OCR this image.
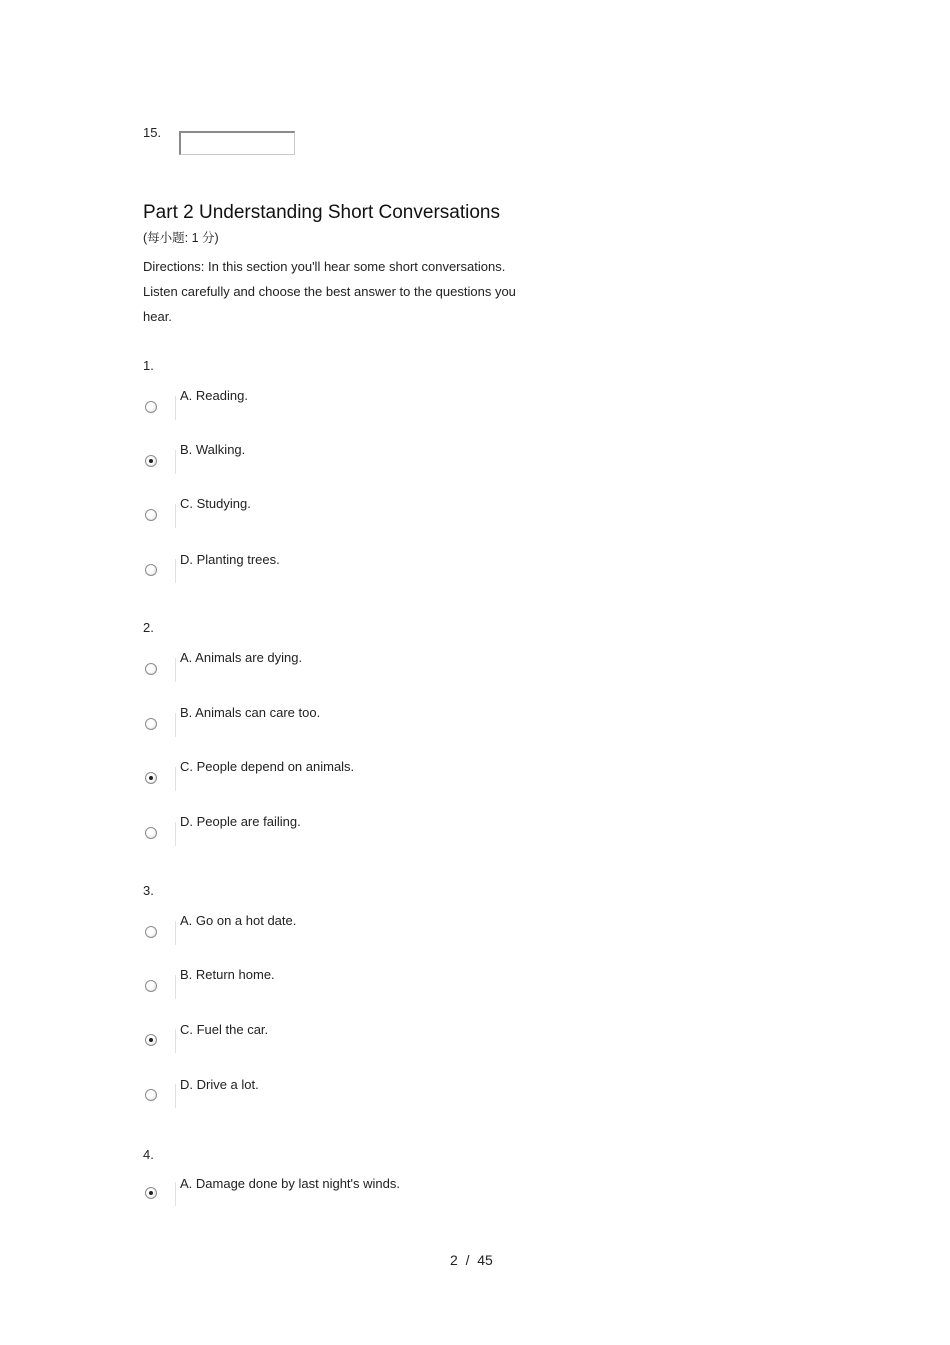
15.
Part 2 Understanding Short Conversations
(每小题: 1 分)
Directions: In this section you'll hear some short conversations. Listen carefully and choose the best answer to the questions you hear.
1.
2.
3.
4.
A. Reading.
B. Walking.
C. Studying.
D. Planting trees.
A. Animals are dying.
B. Animals can care too.
C. People depend on animals.
D. People are failing.
A. Go on a hot date.
B. Return home.
C. Fuel the car.
D. Drive a lot.
A. Damage done by last night's winds.
2  /  45
